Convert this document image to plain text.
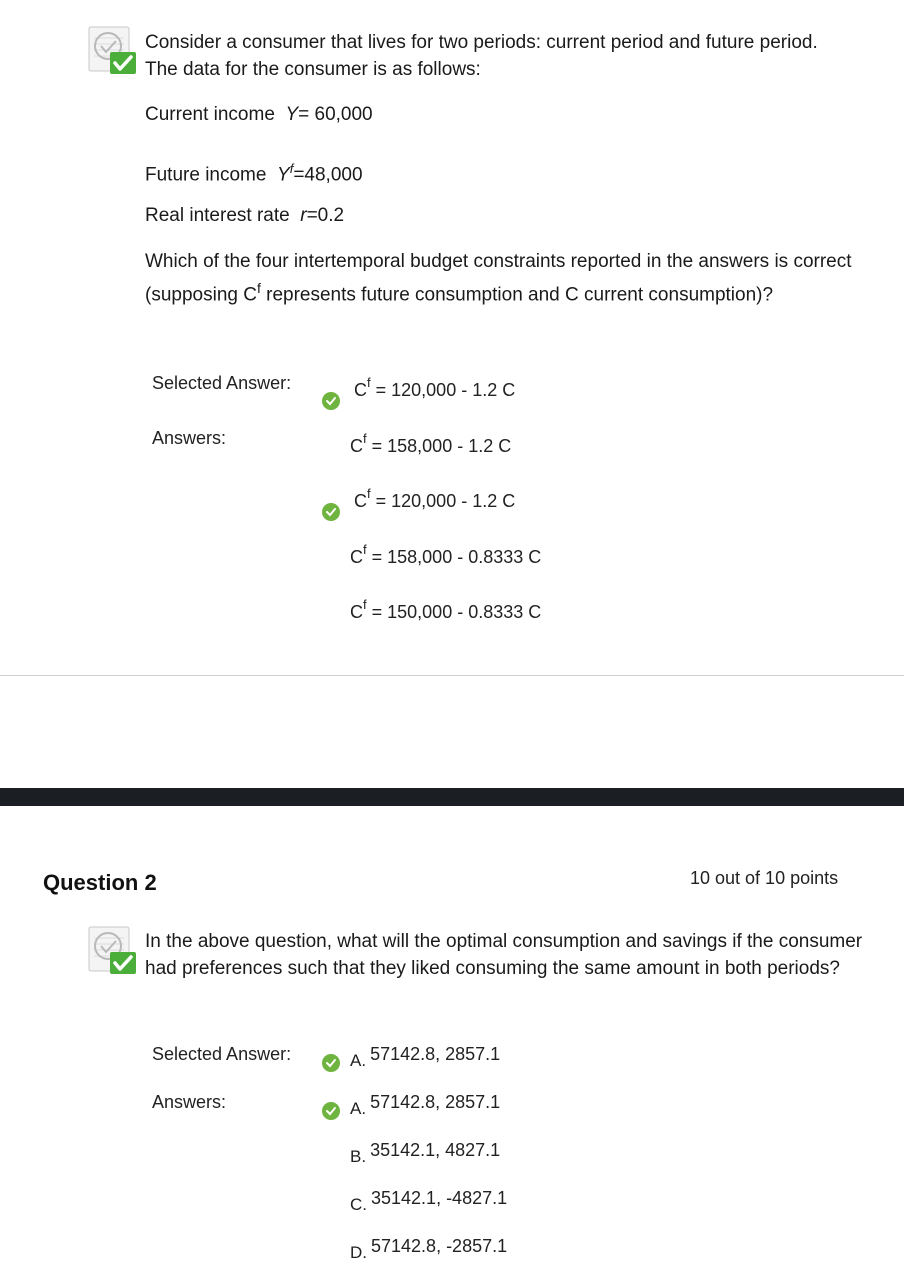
Consider a consumer that lives for two periods: current period and future period. The data for the consumer is as follows:
Current income Y= 60,000
Future income $Y^f=48,000$
Real interest rate r=0.2
Which of the four intertemporal budget constraints reported in the answers is correct (supposing $C^f$ represents future consumption and C current consumption)?
Selected Answer:	$C^f = 120,000 - 1.2$ C
Answers:	$C^f = 158,000 - 1.2$ C
$C^f = 120,000 - 1.2$ C
$C^f = 158,000 - 0.8333$ C
$C^f = 150,000 - 0.8333$ C
Question 2	10 out of 10 points
In the above question, what will the optimal consumption and savings if the consumer had preferences such that they liked consuming the same amount in both periods?
Selected Answer:	A. 57142.8, 2857.1
Answers:	A. 57142.8, 2857.1
B. 35142.1, 4827.1
C. 35142.1, -4827.1
D. 57142.8, -2857.1
